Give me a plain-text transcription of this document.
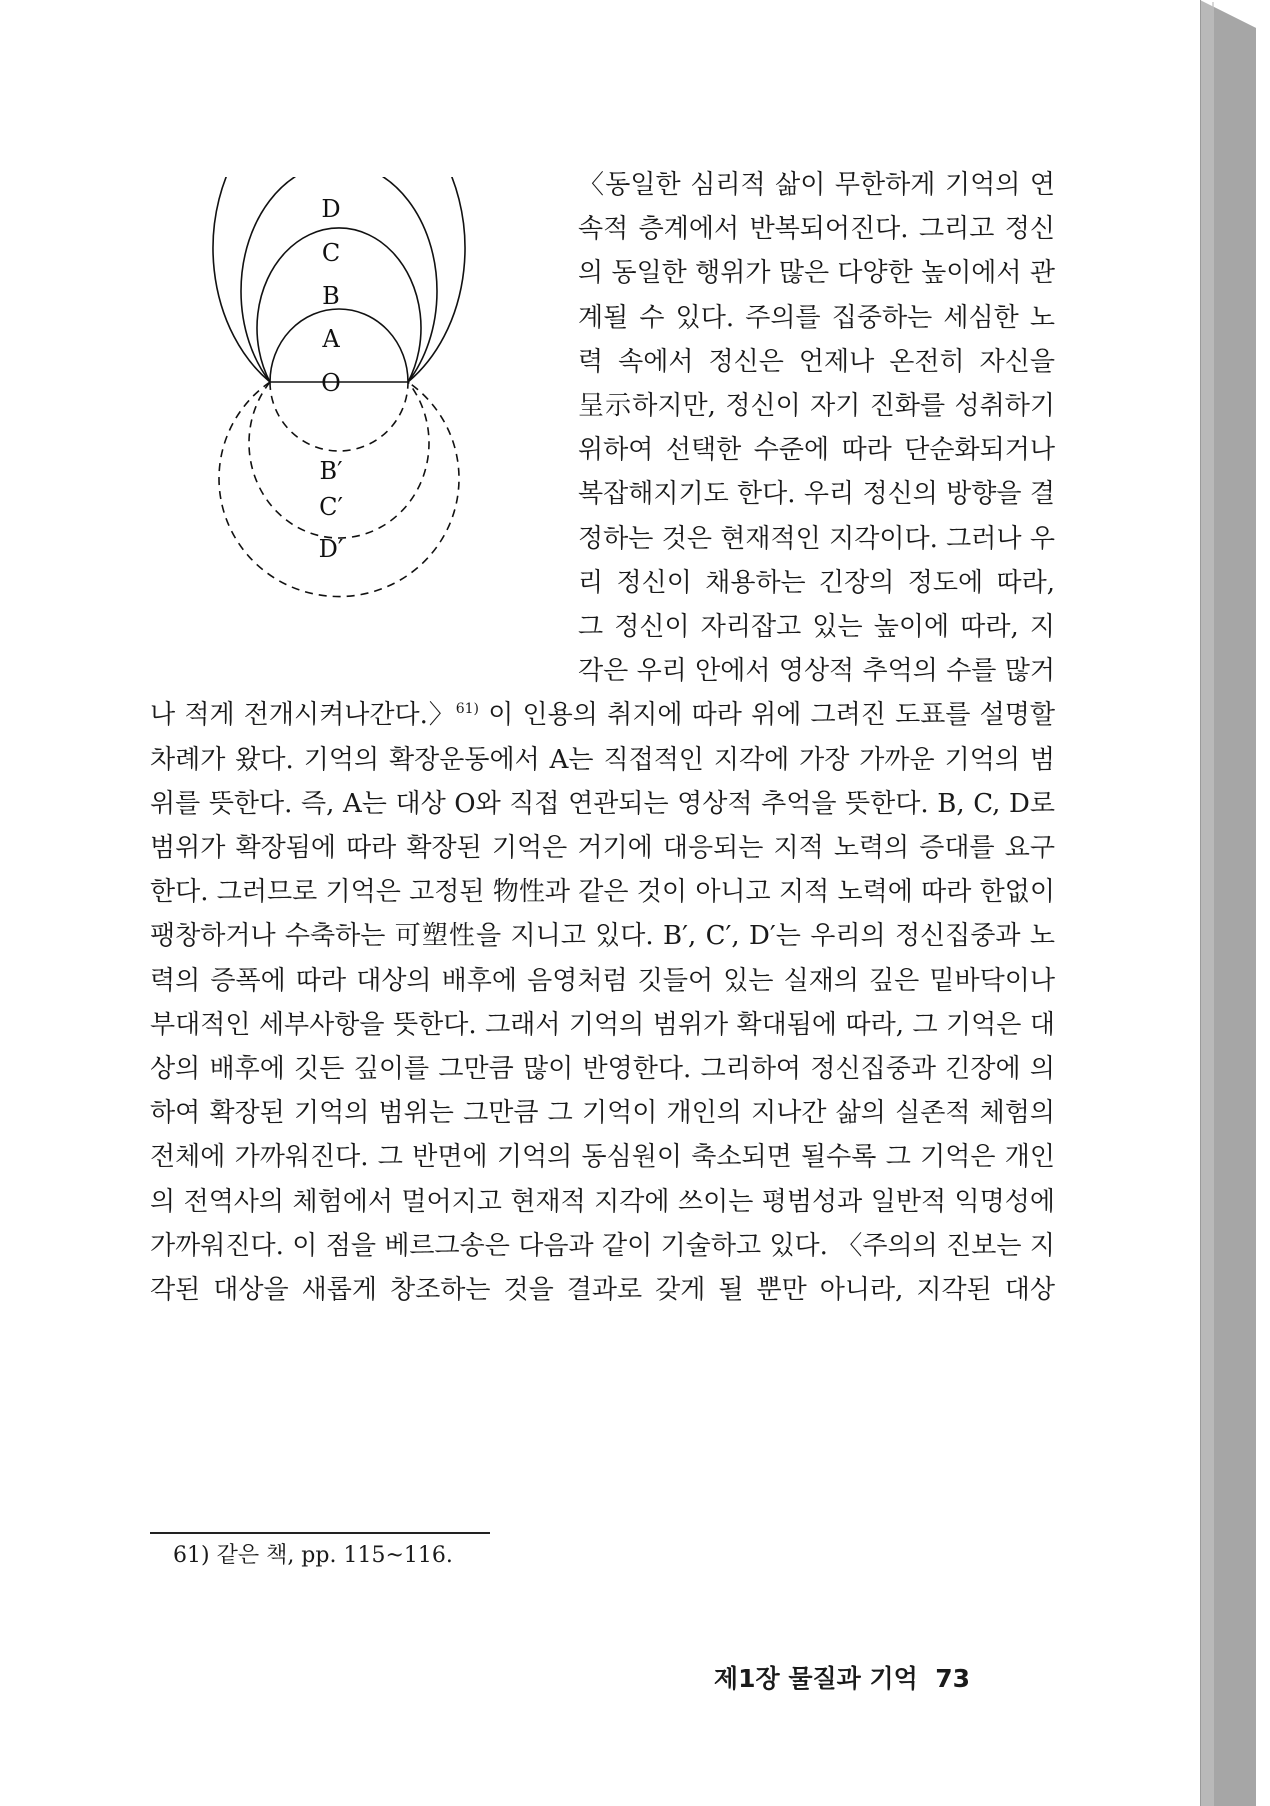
D
C
B
A
O
B′
C′
D′

〈동일한 심리적 삶이 무한하게 기억의 연속적 층계에서 반복되어진다. 그리고 정신의 동일한 행위가 많은 다양한 높이에서 관계될 수 있다. 주의를 집중하는 세심한 노력 속에서 정신은 언제나 온전히 자신을 呈示하지만, 정신이 자기 진화를 성취하기 위하여 선택한 수준에 따라 단순화되거나 복잡해지기도 한다. 우리 정신의 방향을 결정하는 것은 현재적인 지각이다. 그러나 우리 정신이 채용하는 긴장의 정도에 따라, 그 정신이 자리잡고 있는 높이에 따라, 지각은 우리 안에서 영상적 추억의 수를 많거나 적게 전개시켜나간다.〉$^{61)}$ 이 인용의 취지에 따라 위에 그려진 도표를 설명할 차례가 왔다. 기억의 확장운동에서 A는 직접적인 지각에 가장 가까운 기억의 범위를 뜻한다. 즉, A는 대상 O와 직접 연관되는 영상적 추억을 뜻한다. B, C, D로 범위가 확장됨에 따라 확장된 기억은 거기에 대응되는 지적 노력의 증대를 요구한다. 그러므로 기억은 고정된 物性과 같은 것이 아니고 지적 노력에 따라 한없이 팽창하거나 수축하는 可塑性을 지니고 있다. B′, C′, D′는 우리의 정신집중과 노력의 증폭에 따라 대상의 배후에 음영처럼 깃들어 있는 실재의 깊은 밑바닥이나 부대적인 세부사항을 뜻한다. 그래서 기억의 범위가 확대됨에 따라, 그 기억은 대상의 배후에 깃든 깊이를 그만큼 많이 반영한다. 그리하여 정신집중과 긴장에 의하여 확장된 기억의 범위는 그만큼 그 기억이 개인의 지나간 삶의 실존적 체험의 전체에 가까워진다. 그 반면에 기억의 동심원이 축소되면 될수록 그 기억은 개인의 전역사의 체험에서 멀어지고 현재적 지각에 쓰이는 평범성과 일반적 익명성에 가까워진다. 이 점을 베르그송은 다음과 같이 기술하고 있다. 〈주의의 진보는 지각된 대상을 새롭게 창조하는 것을 결과로 갖게 될 뿐만 아니라, 지각된 대상

61) 같은 책, pp. 115~116.
제1장 물질과 기억 73
